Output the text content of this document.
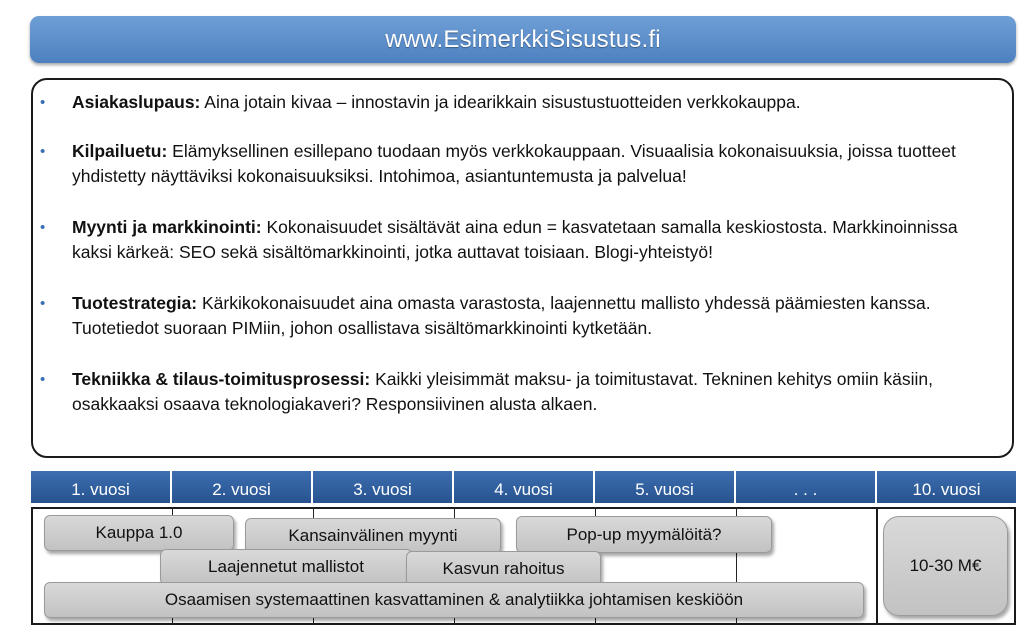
www.EsimerkkiSisustus.fi
• Asiakaslupaus: Aina jotain kivaa – innostavin ja idearikkain sisustustuotteiden verkkokauppa.
• Kilpailuetu: Elämyksellinen esillepano tuodaan myös verkkokauppaan. Visuaalisia kokonaisuuksia, joissa tuotteet yhdistetty näyttäviksi kokonaisuuksiksi. Intohimoa, asiantuntemusta ja palvelua!
• Myynti ja markkinointi: Kokonaisuudet sisältävät aina edun = kasvatetaan samalla keskiostosta. Markkinoinnissa kaksi kärkeä: SEO sekä sisältömarkkinointi, jotka auttavat toisiaan. Blogi-yhteistyö!
• Tuotestrategia: Kärkikokonaisuudet aina omasta varastosta, laajennettu mallisto yhdessä päämiesten kanssa. Tuotetiedot suoraan PIMiin, johon osallistava sisältömarkkinointi kytketään.
• Tekniikka & tilaus-toimitusprosessi: Kaikki yleisimmät maksu- ja toimitustavat. Tekninen kehitys omiin käsiin, osakkaaksi osaava teknologiakaveri? Responsiivinen alusta alkaen.
1. vuosi	2. vuosi	3. vuosi	4. vuosi	5. vuosi	. . .	10. vuosi
Kauppa 1.0	Kansainvälinen myynti	Pop-up myymälöitä?
Laajennetut mallistot	Kasvun rahoitus
Osaamisen systemaattinen kasvattaminen & analytiikka johtamisen keskiöön
10-30 M€
